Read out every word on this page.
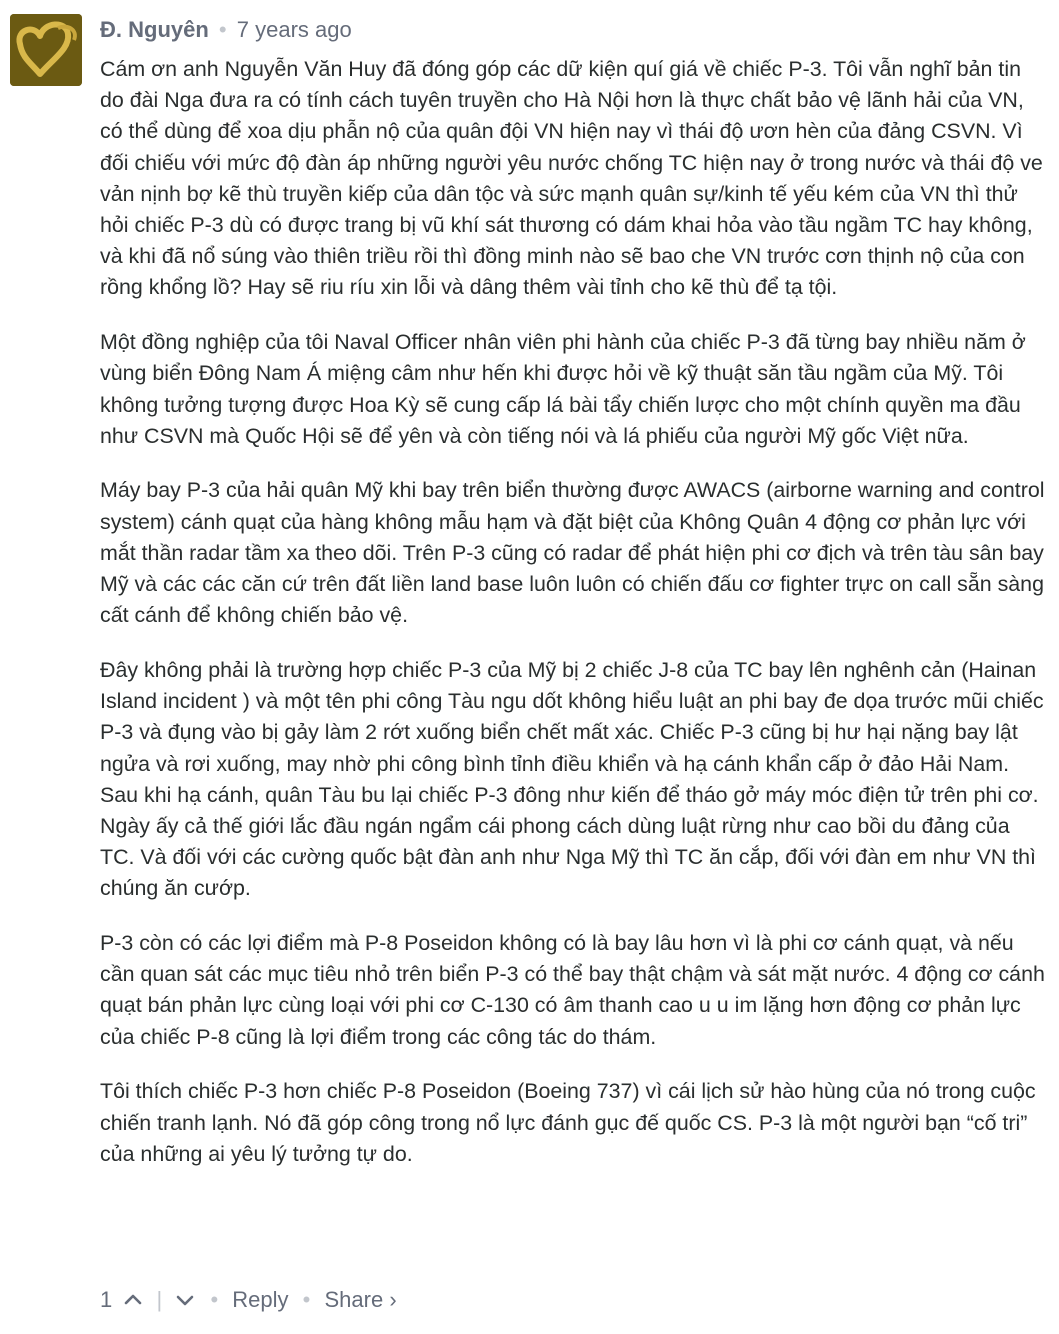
Đ. Nguyên • 7 years ago

Cám ơn anh Nguyễn Văn Huy đã đóng góp các dữ kiện quí giá về chiếc P-3. Tôi vẫn nghĩ bản tin do đài Nga đưa ra có tính cách tuyên truyền cho Hà Nội hơn là thực chất bảo vệ lãnh hải của VN, có thể dùng để xoa dịu phẫn nộ của quân đội VN hiện nay vì thái độ ươn hèn của đảng CSVN. Vì đối chiếu với mức độ đàn áp những người yêu nước chống TC hiện nay ở trong nước và thái độ ve vản nịnh bợ kẽ thù truyền kiếp của dân tộc và sức mạnh quân sự/kinh tế yếu kém của VN thì thử hỏi chiếc P-3 dù có được trang bị vũ khí sát thương có dám khai hỏa vào tầu ngầm TC hay không, và khi đã nổ súng vào thiên triều rồi thì đồng minh nào sẽ bao che VN trước cơn thịnh nộ của con rồng khổng lồ? Hay sẽ riu ríu xin lỗi và dâng thêm vài tỉnh cho kẽ thù để tạ tội.

Một đồng nghiệp của tôi Naval Officer nhân viên phi hành của chiếc P-3 đã từng bay nhiều năm ở vùng biển Đông Nam Á miệng câm như hến khi được hỏi về kỹ thuật săn tầu ngầm của Mỹ. Tôi không tưởng tượng được Hoa Kỳ sẽ cung cấp lá bài tẩy chiến lược cho một chính quyền ma đầu như CSVN mà Quốc Hội sẽ để yên và còn tiếng nói và lá phiếu của người Mỹ gốc Việt nữa.

Máy bay P-3 của hải quân Mỹ khi bay trên biển thường được AWACS (airborne warning and control system) cánh quạt của hàng không mẫu hạm và đặt biệt của Không Quân 4 động cơ phản lực với mắt thần radar tầm xa theo dõi. Trên P-3 cũng có radar để phát hiện phi cơ địch và trên tàu sân bay Mỹ và các các căn cứ trên đất liền land base luôn luôn có chiến đấu cơ fighter trực on call sẵn sàng cất cánh để không chiến bảo vệ.

Đây không phải là trường hợp chiếc P-3 của Mỹ bị 2 chiếc J-8 của TC bay lên nghênh cản (Hainan Island incident ) và một tên phi công Tàu ngu dốt không hiểu luật an phi bay đe dọa trước mũi chiếc P-3 và đụng vào bị gảy làm 2 rớt xuống biển chết mất xác. Chiếc P-3 cũng bị hư hại nặng bay lật ngửa và rơi xuống, may nhờ phi công bình tỉnh điều khiển và hạ cánh khẩn cấp ở đảo Hải Nam. Sau khi hạ cánh, quân Tàu bu lại chiếc P-3 đông như kiến để tháo gở máy móc điện tử trên phi cơ. Ngày ấy cả thế giới lắc đầu ngán ngẩm cái phong cách dùng luật rừng như cao bồi du đảng của TC. Và đối với các cường quốc bật đàn anh như Nga Mỹ thì TC ăn cắp, đối với đàn em như VN thì chúng ăn cướp.

P-3 còn có các lợi điểm mà P-8 Poseidon không có là bay lâu hơn vì là phi cơ cánh quạt, và nếu cần quan sát các mục tiêu nhỏ trên biển P-3 có thể bay thật chậm và sát mặt nước. 4 động cơ cánh quạt bán phản lực cùng loại với phi cơ C-130 có âm thanh cao u u im lặng hơn động cơ phản lực của chiếc P-8 cũng là lợi điểm trong các công tác do thám.

Tôi thích chiếc P-3 hơn chiếc P-8 Poseidon (Boeing 737) vì cái lịch sử hào hùng của nó trong cuộc chiến tranh lạnh. Nó đã góp công trong nổ lực đánh gục đế quốc CS. P-3 là một người bạn “cố tri” của những ai yêu lý tưởng tự do.

1 | • Reply • Share ›
